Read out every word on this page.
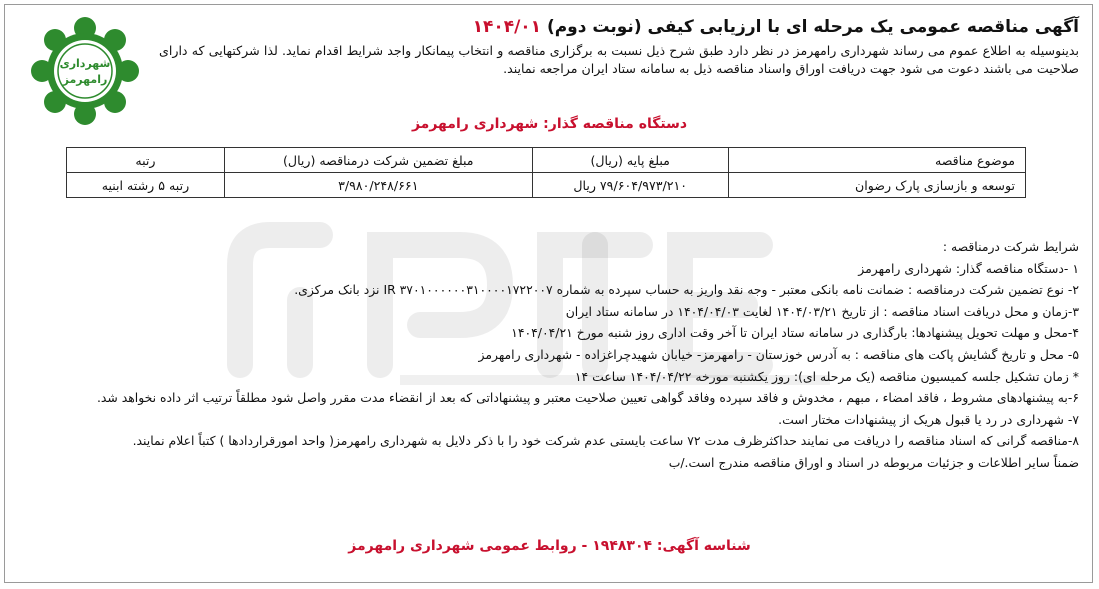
شهرداری
رامهرمز

آگهی مناقصه عمومی یک مرحله ای با ارزیابی کیفی (نوبت دوم) ۱۴۰۴/۰۱

بدینوسیله به اطلاع عموم می رساند شهرداری رامهرمز در نظر دارد طبق شرح ذیل نسبت به برگزاری مناقصه و انتخاب پیمانکار واجد شرایط اقدام نماید. لذا شرکتهایی که دارای صلاحیت می باشند دعوت می شود جهت دریافت اوراق واسناد مناقصه ذیل به سامانه ستاد ایران مراجعه نمایند.

دستگاه مناقصه گذار: شهرداری رامهرمز
موضوع مناقصه	مبلغ پایه (ریال)	مبلغ تضمین شرکت درمناقصه (ریال)	رتبه
توسعه و بازسازی پارک رضوان	۷۹/۶۰۴/۹۷۳/۲۱۰ ریال	۳/۹۸۰/۲۴۸/۶۶۱	رتبه ۵ رشته ابنیه

شرایط شرکت درمناقصه :

۱ -دستگاه مناقصه گذار: شهرداری رامهرمز

۲- نوع تضمین شرکت درمناقصه : ضمانت نامه بانکی معتبر - وجه نقد واریز به حساب سپرده به شماره IR ۳۷۰۱۰۰۰۰۰۰۳۱۰۰۰۰۱۷۲۲۰۰۷ نزد بانک مرکزی.

۳-زمان و محل دریافت اسناد مناقصه : از تاریخ ۱۴۰۴/۰۳/۲۱ لغایت ۱۴۰۴/۰۴/۰۳ در سامانه ستاد ایران

۴-محل و مهلت تحویل پیشنهادها: بارگذاری در سامانه ستاد ایران تا آخر وقت اداری روز شنبه مورخ ۱۴۰۴/۰۴/۲۱

۵- محل و تاریخ گشایش پاکت های مناقصه : به آدرس خوزستان - رامهرمز- خیابان شهیدچراغزاده - شهرداری رامهرمز

* زمان تشکیل جلسه کمیسیون مناقصه (یک مرحله ای): روز یکشنبه مورخه ۱۴۰۴/۰۴/۲۲ ساعت ۱۴

۶-به پیشنهادهای مشروط ، فاقد امضاء ، مبهم ، مخدوش و فاقد سپرده وفاقد گواهی تعیین صلاحیت معتبر و پیشنهاداتی که بعد از انقضاء مدت مقرر واصل شود مطلقاً ترتیب اثر داده نخواهد شد.

۷- شهرداری در رد یا قبول هریک از پیشنهادات مختار است.

۸-مناقصه گرانی که اسناد مناقصه را دریافت می نمایند حداکثرظرف مدت ۷۲ ساعت بایستی عدم شرکت خود را با ذکر دلایل به شهرداری رامهرمز( واحد امورقراردادها ) کتباً اعلام نمایند.

ضمناً سایر اطلاعات و جزئیات مربوطه در اسناد و اوراق مناقصه مندرج است./ب

شناسه آگهی: ۱۹۴۸۳۰۴ - روابط عمومی شهرداری رامهرمز
